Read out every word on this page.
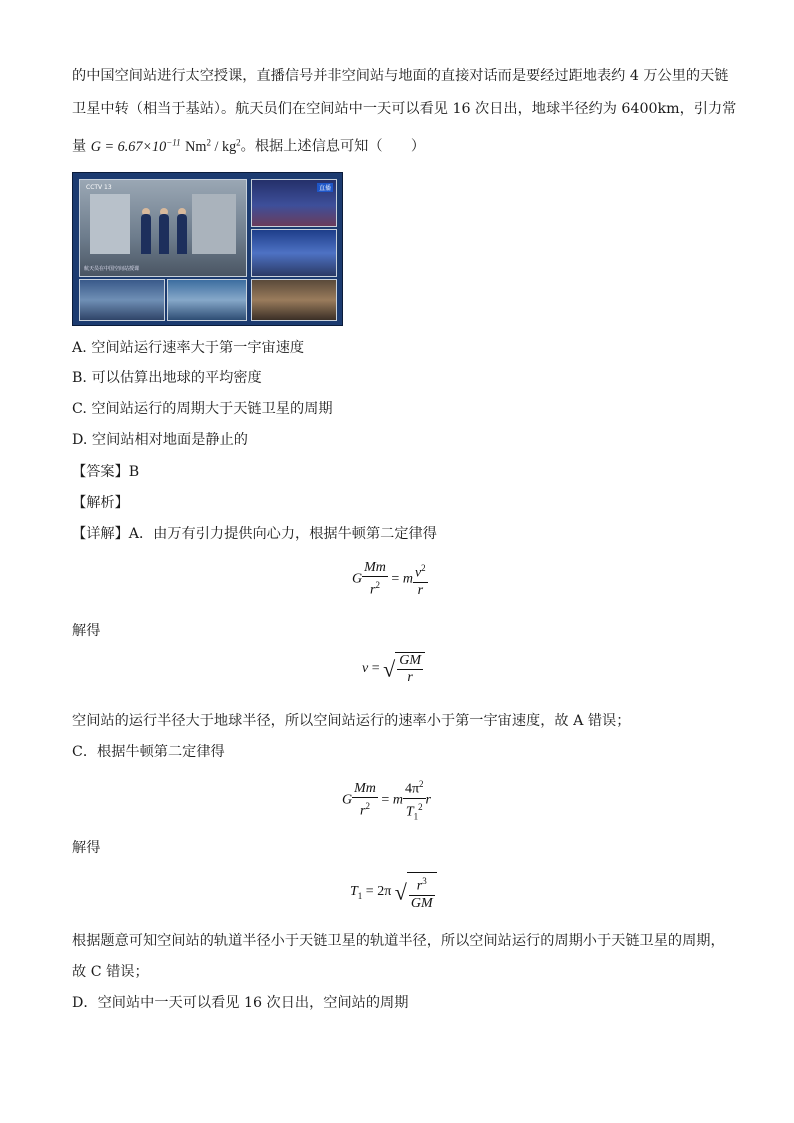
的中国空间站进行太空授课，直播信号并非空间站与地面的直接对话而是要经过距地表约 4 万公里的天链
卫星中转（相当于基站）。航天员们在空间站中一天可以看见 16 次日出，地球半径约为 6400km，引力常
量 $G = 6.67\times 10^{-11}$ $Nm^2 / kg^2$。根据上述信息可知（　　）
CCTV 13
航天员在中国空间站授课
直播
A. 空间站运行速率大于第一宇宙速度
B. 可以估算出地球的平均密度
C. 空间站运行的周期大于天链卫星的周期
D. 空间站相对地面是静止的
【答案】B
【解析】
【详解】A．由万有引力提供向心力，根据牛顿第二定律得
G $\frac{Mm}{r^2} = m \frac{v^2}{r}$
解得
v = √ $\frac{GM}{r}$
空间站的运行半径大于地球半径，所以空间站运行的速率小于第一宇宙速度，故 A 错误；
C．根据牛顿第二定律得
G $\frac{Mm}{r^2} = m \frac{4\pi^2}{T_1^2}$ r
解得
$T_1 = 2\pi$ √ $\frac{r^3}{GM}$
根据题意可知空间站的轨道半径小于天链卫星的轨道半径，所以空间站运行的周期小于天链卫星的周期，
故 C 错误；
D．空间站中一天可以看见 16 次日出，空间站的周期
